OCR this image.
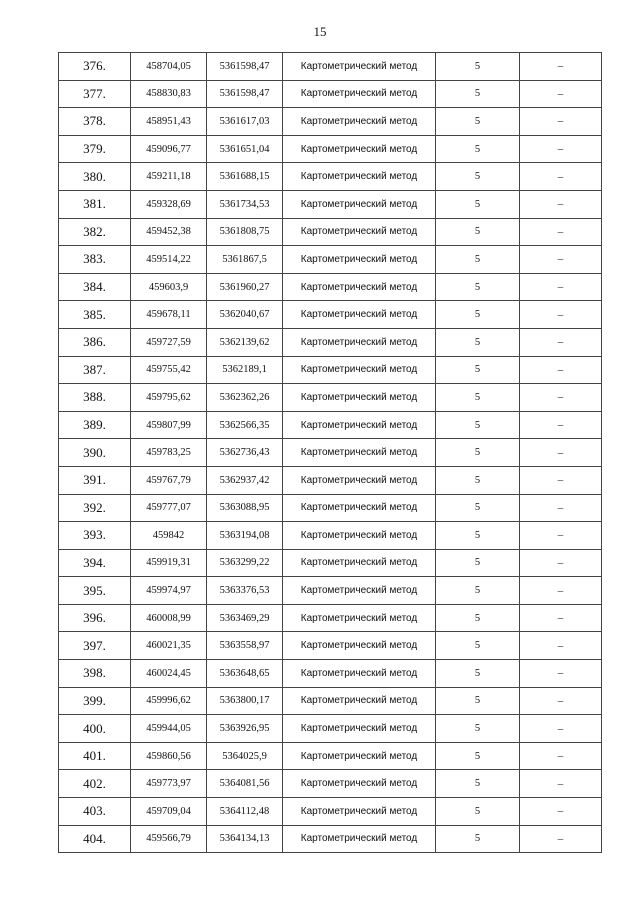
15
376.	458704,05	5361598,47	Картометрический метод	5	–
377.	458830,83	5361598,47	Картометрический метод	5	–
378.	458951,43	5361617,03	Картометрический метод	5	–
379.	459096,77	5361651,04	Картометрический метод	5	–
380.	459211,18	5361688,15	Картометрический метод	5	–
381.	459328,69	5361734,53	Картометрический метод	5	–
382.	459452,38	5361808,75	Картометрический метод	5	–
383.	459514,22	5361867,5	Картометрический метод	5	–
384.	459603,9	5361960,27	Картометрический метод	5	–
385.	459678,11	5362040,67	Картометрический метод	5	–
386.	459727,59	5362139,62	Картометрический метод	5	–
387.	459755,42	5362189,1	Картометрический метод	5	–
388.	459795,62	5362362,26	Картометрический метод	5	–
389.	459807,99	5362566,35	Картометрический метод	5	–
390.	459783,25	5362736,43	Картометрический метод	5	–
391.	459767,79	5362937,42	Картометрический метод	5	–
392.	459777,07	5363088,95	Картометрический метод	5	–
393.	459842	5363194,08	Картометрический метод	5	–
394.	459919,31	5363299,22	Картометрический метод	5	–
395.	459974,97	5363376,53	Картометрический метод	5	–
396.	460008,99	5363469,29	Картометрический метод	5	–
397.	460021,35	5363558,97	Картометрический метод	5	–
398.	460024,45	5363648,65	Картометрический метод	5	–
399.	459996,62	5363800,17	Картометрический метод	5	–
400.	459944,05	5363926,95	Картометрический метод	5	–
401.	459860,56	5364025,9	Картометрический метод	5	–
402.	459773,97	5364081,56	Картометрический метод	5	–
403.	459709,04	5364112,48	Картометрический метод	5	–
404.	459566,79	5364134,13	Картометрический метод	5	–
